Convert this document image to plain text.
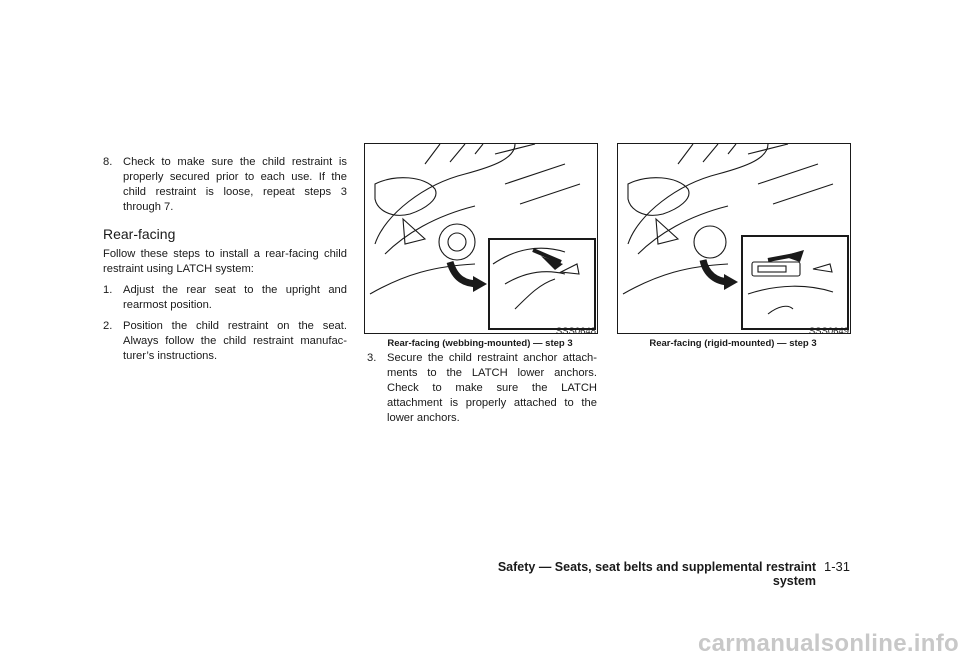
8. Check to make sure the child restraint is properly secured prior to each use. If the child restraint is loose, repeat steps 3 through 7.
Rear-facing
Follow these steps to install a rear-facing child restraint using LATCH system:
1. Adjust the rear seat to the upright and rearmost position.
2. Position the child restraint on the seat. Always follow the child restraint manufac-turer’s instructions.
SSS0648
Rear-facing (webbing-mounted) — step 3
3. Secure the child restraint anchor attach-ments to the LATCH lower anchors. Check to make sure the LATCH attachment is properly attached to the lower anchors.
SSS0649
Rear-facing (rigid-mounted) — step 3
Safety — Seats, seat belts and supplemental restraint system
1-31
carmanualsonline.info
